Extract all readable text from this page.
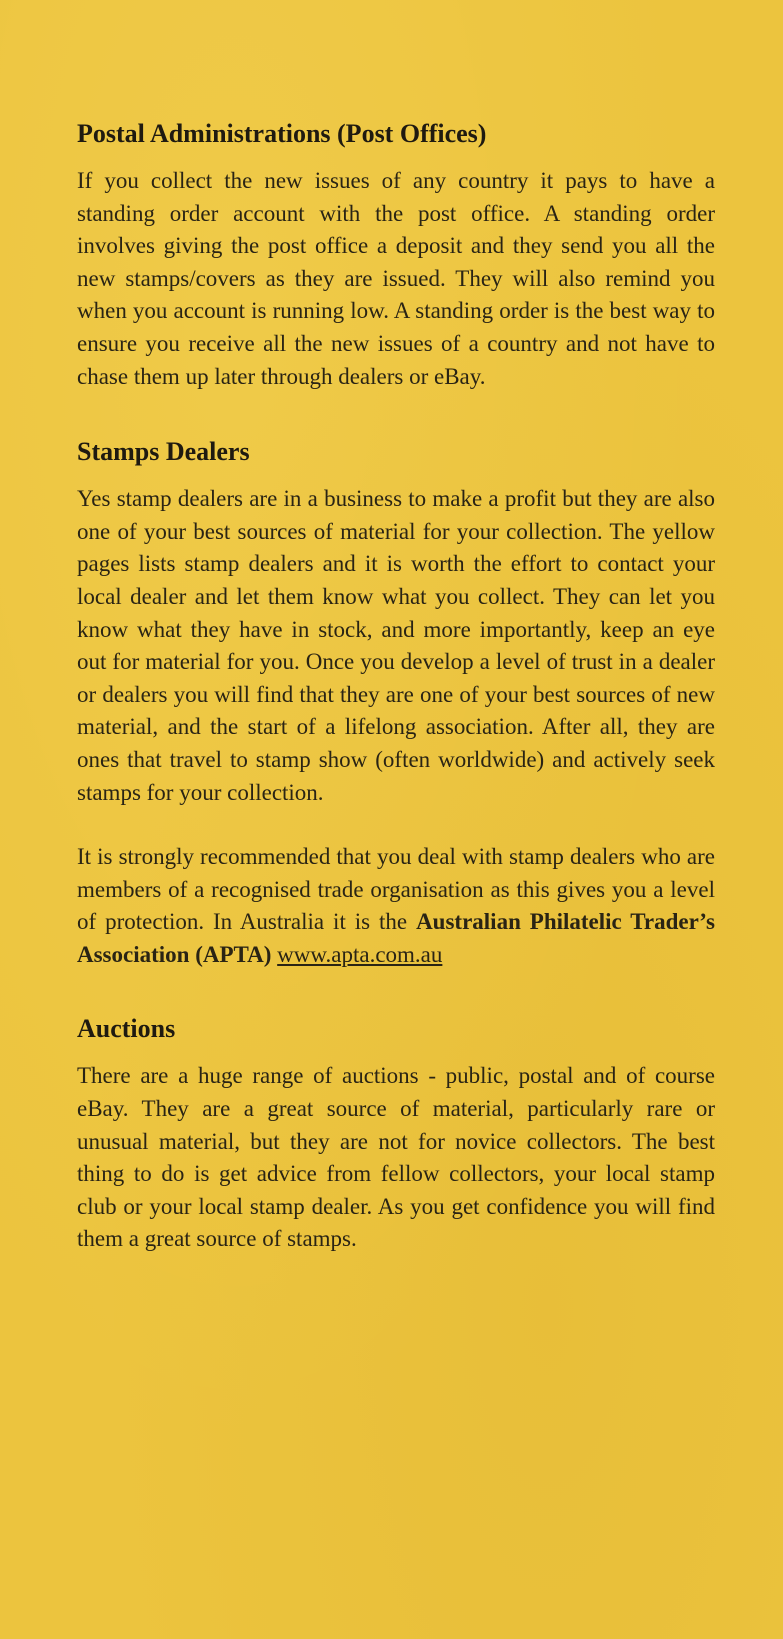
Postal Administrations (Post Offices)

If you collect the new issues of any country it pays to have a standing order account with the post office. A standing order involves giving the post office a deposit and they send you all the new stamps/covers as they are issued. They will also remind you when you account is running low. A standing order is the best way to ensure you receive all the new issues of a country and not have to chase them up later through dealers or eBay.

Stamps Dealers

Yes stamp dealers are in a business to make a profit but they are also one of your best sources of material for your collection. The yellow pages lists stamp dealers and it is worth the effort to contact your local dealer and let them know what you collect. They can let you know what they have in stock, and more importantly, keep an eye out for material for you. Once you develop a level of trust in a dealer or dealers you will find that they are one of your best sources of new material, and the start of a lifelong association. After all, they are ones that travel to stamp show (often worldwide) and actively seek stamps for your collection.

It is strongly recommended that you deal with stamp dealers who are members of a recognised trade organisation as this gives you a level of protection. In Australia it is the Australian Philatelic Trader’s Association (APTA) www.apta.com.au

Auctions

There are a huge range of auctions - public, postal and of course eBay. They are a great source of material, particularly rare or unusual material, but they are not for novice collectors. The best thing to do is get advice from fellow collectors, your local stamp club or your local stamp dealer. As you get confidence you will find them a great source of stamps.
